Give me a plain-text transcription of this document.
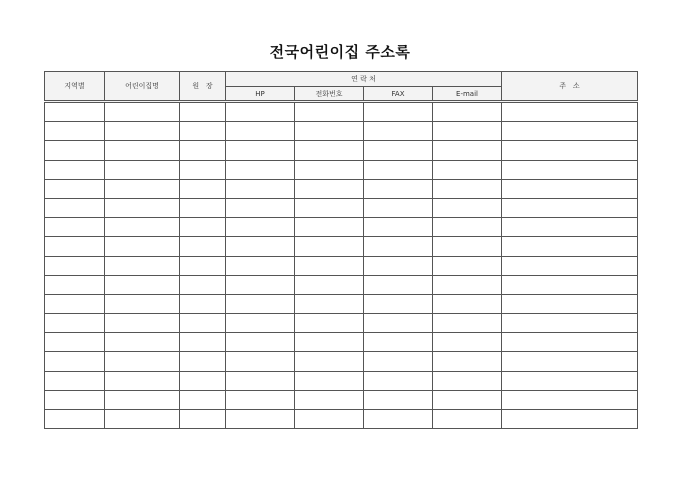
전국어린이집 주소록
지역별	어린이집명	원   장	연 락 처				주   소
			HP	전화번호	FAX	E-mail	
